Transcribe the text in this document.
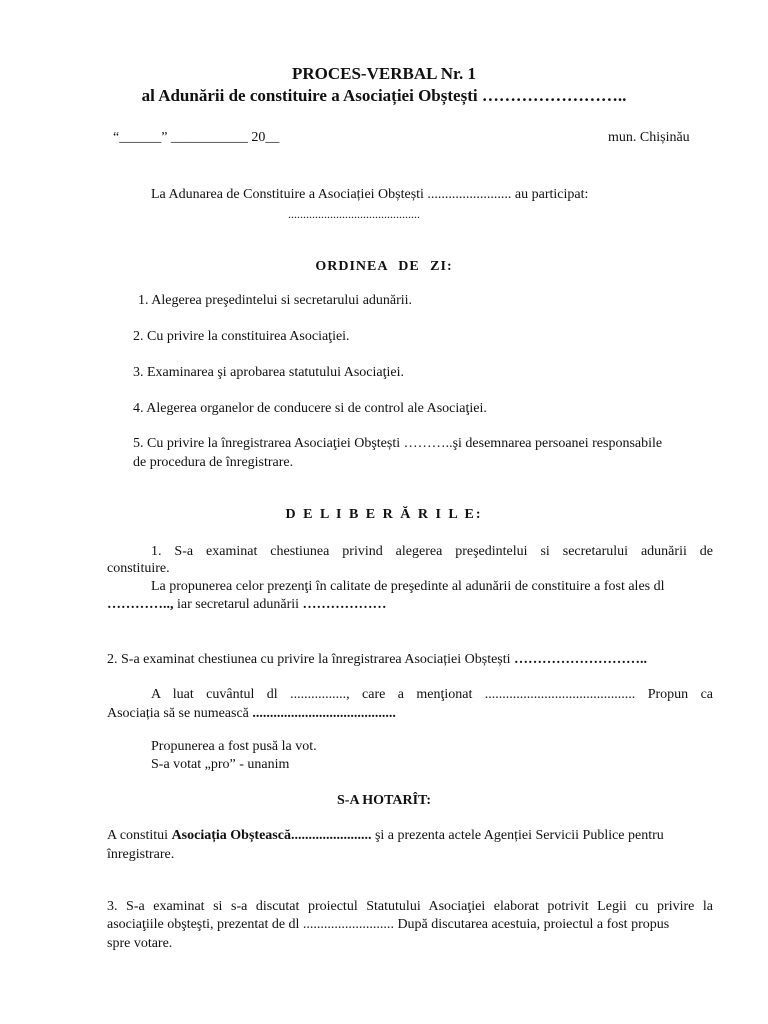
PROCES-VERBAL Nr. 1
al Adunării de constituire a Asociației Obștești ……………………..
“______” ___________ 20__	mun. Chișinău
La Adunarea de Constituire a Asociației Obștești ........................ au participat:
............................................
ORDINEA DE ZI:
1. Alegerea preşedintelui si secretarului adunării.
2. Cu privire la constituirea Asociaţiei.
3. Examinarea şi aprobarea statutului Asociaţiei.
4. Alegerea organelor de conducere si de control ale Asociaţiei.
5. Cu privire la înregistrarea Asociaţiei Obştești ………..şi desemnarea persoanei responsabile
de procedura de înregistrare.
D E L I B E R Ă R I L E:
1. S-a examinat chestiunea privind alegerea preşedintelui si secretarului adunării de
constituire.
La propunerea celor prezenţi în calitate de preşedinte al adunării de constituire a fost ales dl
………….., iar secretarul adunării ………………
2. S-a examinat chestiunea cu privire la înregistrarea Asociației Obștești ………………………..
A luat cuvântul dl ................, care a menţionat ........................................... Propun ca
Asociația să se numească .........................................
Propunerea a fost pusă la vot.
S-a votat „pro” - unanim
S-A HOTARÎT:
A constitui Asociația Obștească....................... şi a prezenta actele Agenției Servicii Publice pentru
înregistrare.
3. S-a examinat si s-a discutat proiectul Statutului Asociaţiei elaborat potrivit Legii cu privire la
asociaţiile obşteşti, prezentat de dl .......................... După discutarea acestuia, proiectul a fost propus
spre votare.
